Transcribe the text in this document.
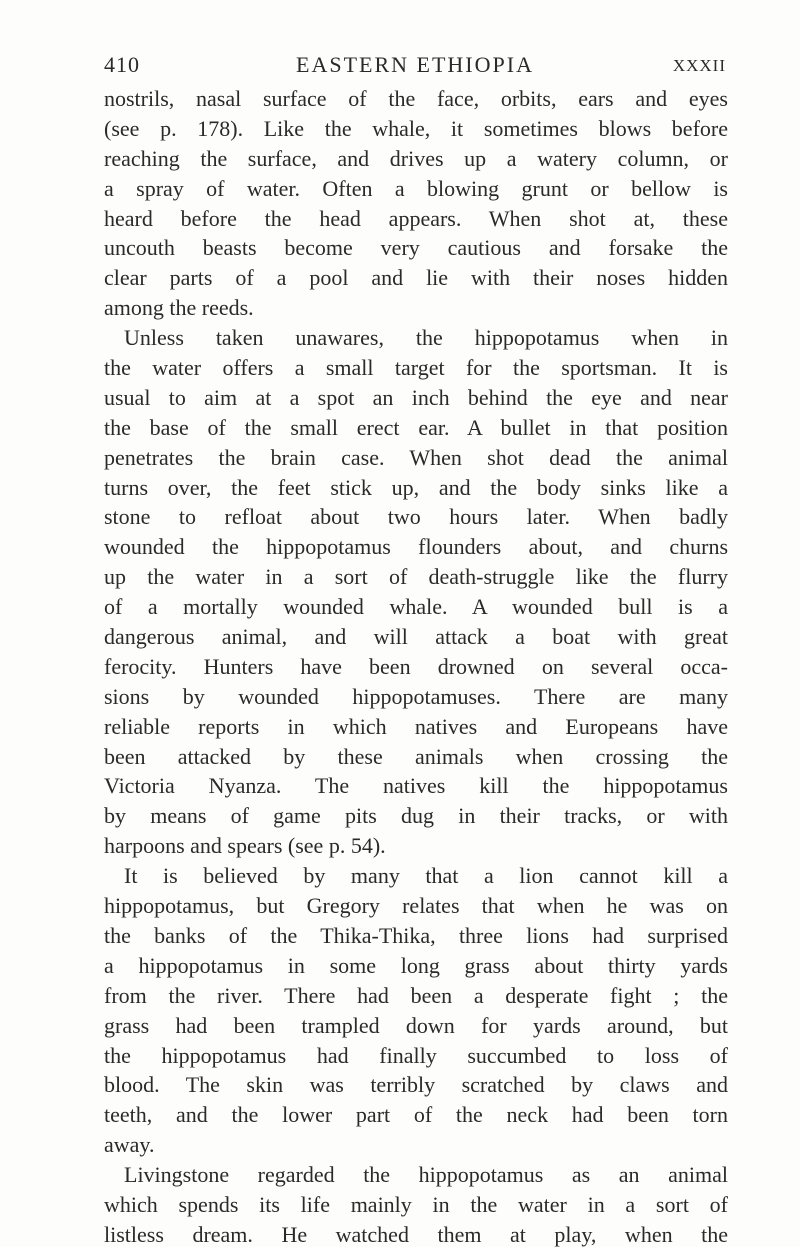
410	EASTERN ETHIOPIA	XXXII
nostrils, nasal surface of the face, orbits, ears and eyes
(see p. 178). Like the whale, it sometimes blows before
reaching the surface, and drives up a watery column, or
a spray of water. Often a blowing grunt or bellow is
heard before the head appears. When shot at, these
uncouth beasts become very cautious and forsake the
clear parts of a pool and lie with their noses hidden
among the reeds.
Unless taken unawares, the hippopotamus when in
the water offers a small target for the sportsman. It is
usual to aim at a spot an inch behind the eye and near
the base of the small erect ear. A bullet in that position
penetrates the brain case. When shot dead the animal
turns over, the feet stick up, and the body sinks like a
stone to refloat about two hours later. When badly
wounded the hippopotamus flounders about, and churns
up the water in a sort of death-struggle like the flurry
of a mortally wounded whale. A wounded bull is a
dangerous animal, and will attack a boat with great
ferocity. Hunters have been drowned on several occa-
sions by wounded hippopotamuses. There are many
reliable reports in which natives and Europeans have
been attacked by these animals when crossing the
Victoria Nyanza. The natives kill the hippopotamus
by means of game pits dug in their tracks, or with
harpoons and spears (see p. 54).
It is believed by many that a lion cannot kill a
hippopotamus, but Gregory relates that when he was on
the banks of the Thika-Thika, three lions had surprised
a hippopotamus in some long grass about thirty yards
from the river. There had been a desperate fight ; the
grass had been trampled down for yards around, but
the hippopotamus had finally succumbed to loss of
blood. The skin was terribly scratched by claws and
teeth, and the lower part of the neck had been torn
away.
Livingstone regarded the hippopotamus as an animal
which spends its life mainly in the water in a sort of
listless dream. He watched them at play, when the
